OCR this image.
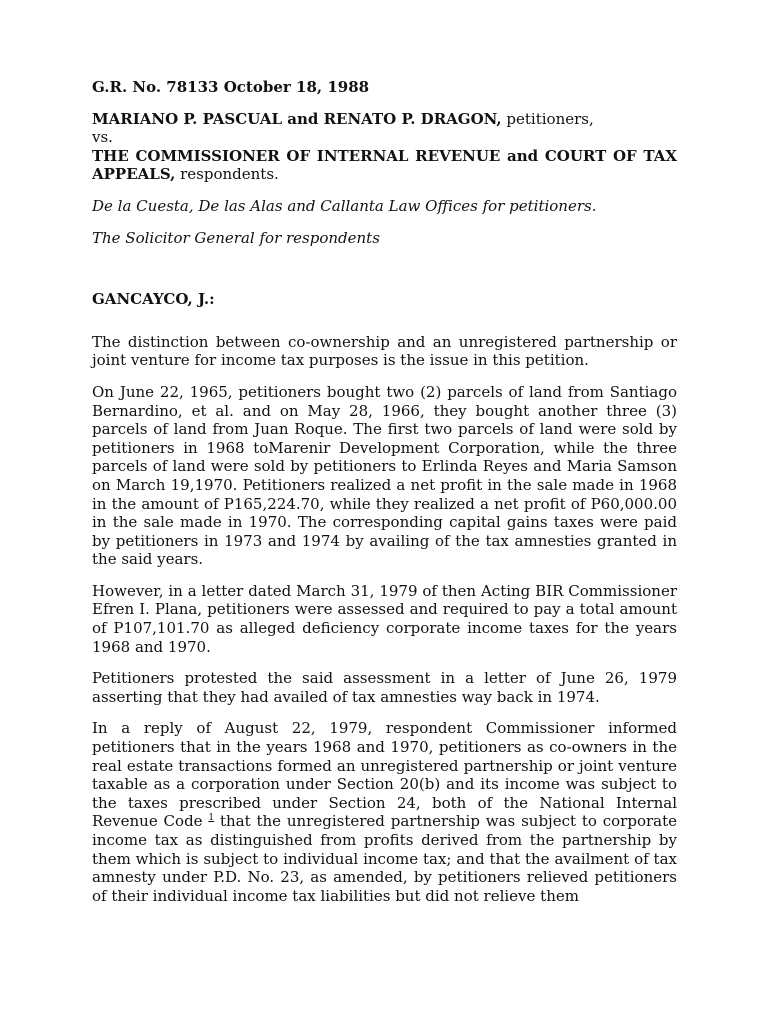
G.R. No. 78133 October 18, 1988

MARIANO P. PASCUAL and RENATO P. DRAGON, petitioners,
vs.
THE COMMISSIONER OF INTERNAL REVENUE and COURT OF TAX APPEALS, respondents.

De la Cuesta, De las Alas and Callanta Law Offices for petitioners.

The Solicitor General for respondents

GANCAYCO, J.:

The distinction between co-ownership and an unregistered partnership or joint venture for income tax purposes is the issue in this petition.

On June 22, 1965, petitioners bought two (2) parcels of land from Santiago Bernardino, et al. and on May 28, 1966, they bought another three (3) parcels of land from Juan Roque. The first two parcels of land were sold by petitioners in 1968 toMarenir Development Corporation, while the three parcels of land were sold by petitioners to Erlinda Reyes and Maria Samson on March 19,1970. Petitioners realized a net profit in the sale made in 1968 in the amount of P165,224.70, while they realized a net profit of P60,000.00 in the sale made in 1970. The corresponding capital gains taxes were paid by petitioners in 1973 and 1974 by availing of the tax amnesties granted in the said years.

However, in a letter dated March 31, 1979 of then Acting BIR Commissioner Efren I. Plana, petitioners were assessed and required to pay a total amount of P107,101.70 as alleged deficiency corporate income taxes for the years 1968 and 1970.

Petitioners protested the said assessment in a letter of June 26, 1979 asserting that they had availed of tax amnesties way back in 1974.

In a reply of August 22, 1979, respondent Commissioner informed petitioners that in the years 1968 and 1970, petitioners as co-owners in the real estate transactions formed an unregistered partnership or joint venture taxable as a corporation under Section 20(b) and its income was subject to the taxes prescribed under Section 24, both of the National Internal Revenue Code $^1$ that the unregistered partnership was subject to corporate income tax as distinguished from profits derived from the partnership by them which is subject to individual income tax; and that the availment of tax amnesty under P.D. No. 23, as amended, by petitioners relieved petitioners of their individual income tax liabilities but did not relieve them
